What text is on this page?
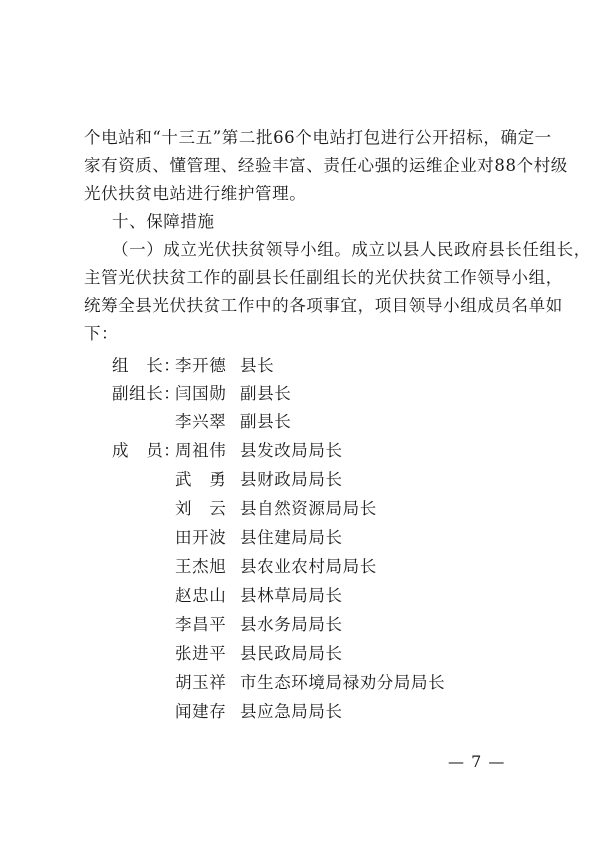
个电站和“十三五”第二批66个电站打包进行公开招标，确定一
家有资质、懂管理、经验丰富、责任心强的运维企业对88个村级
光伏扶贫电站进行维护管理。
十、保障措施
（一）成立光伏扶贫领导小组。成立以县人民政府县长任组长，
主管光伏扶贫工作的副县长任副组长的光伏扶贫工作领导小组，
统筹全县光伏扶贫工作中的各项事宜，项目领导小组成员名单如
下：
组　长：
李开德 县长
副组长：
闫国勋 副县长
李兴翠 副县长
成　员：
周祖伟 县发改局局长
武　勇 县财政局局长
刘　云 县自然资源局局长
田开波 县住建局局长
王杰旭 县农业农村局局长
赵忠山 县林草局局长
李昌平 县水务局局长
张进平 县民政局局长
胡玉祥 市生态环境局禄劝分局局长
闻建存 县应急局局长
— 7 —
